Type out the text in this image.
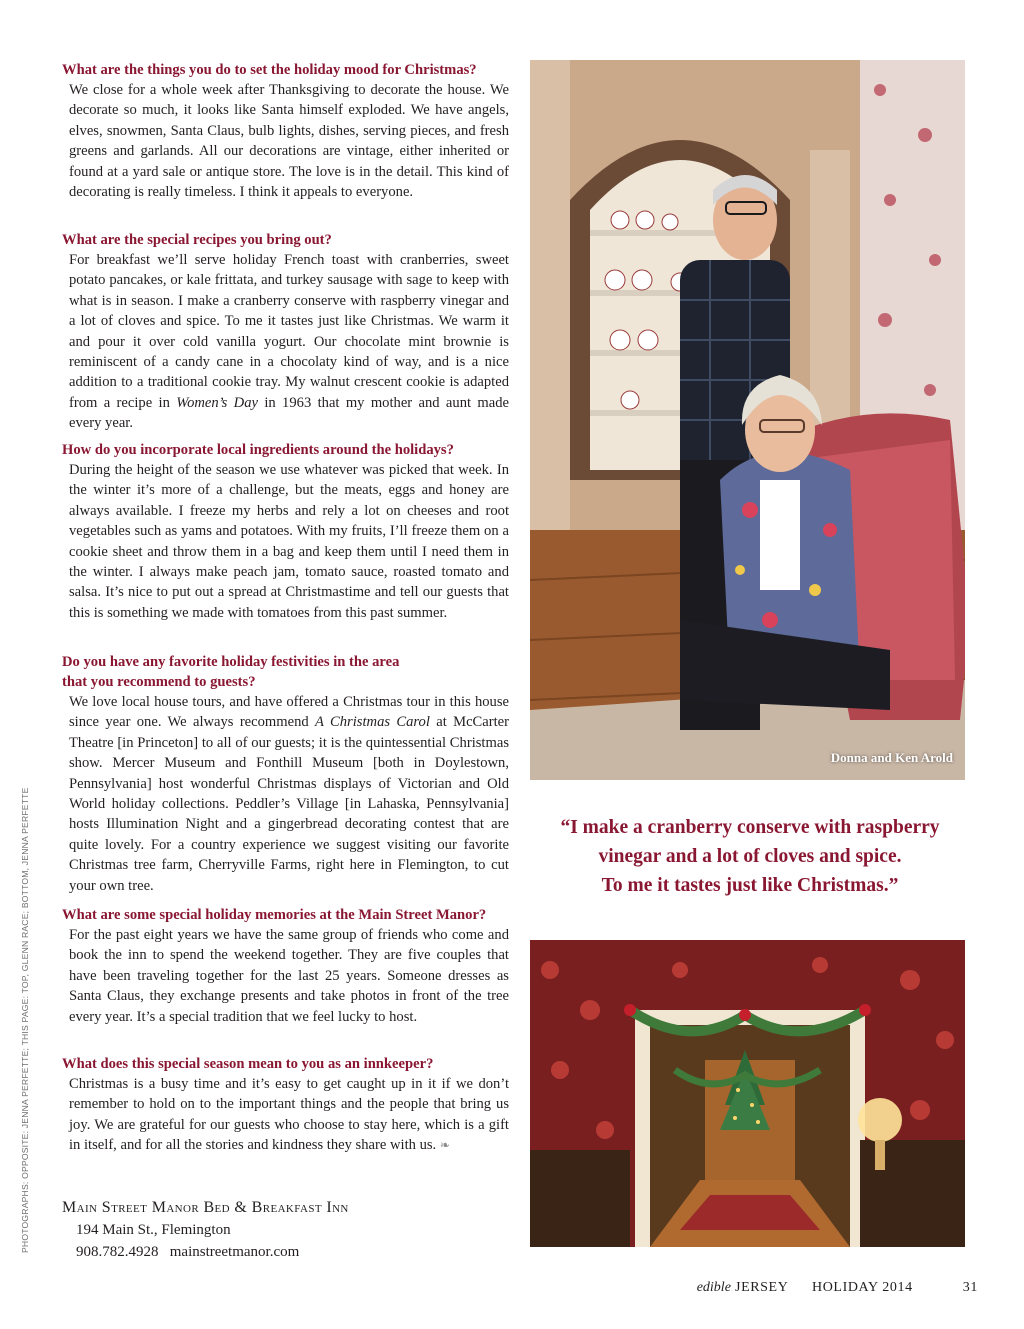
PHOTOGRAPHS: OPPOSITE: JENNA PERFETTE; THIS PAGE: TOP, GLENN RACE; BOTTOM, JENNA PERFETTE

What are the things you do to set the holiday mood for Christmas?

We close for a whole week after Thanksgiving to decorate the house. We decorate so much, it looks like Santa himself exploded. We have angels, elves, snowmen, Santa Claus, bulb lights, dishes, serving pieces, and fresh greens and garlands. All our decorations are vintage, either inherited or found at a yard sale or antique store. The love is in the detail. This kind of decorating is really timeless. I think it appeals to everyone.

What are the special recipes you bring out?

For breakfast we’ll serve holiday French toast with cranberries, sweet potato pancakes, or kale frittata, and turkey sausage with sage to keep with what is in season. I make a cranberry conserve with raspberry vinegar and a lot of cloves and spice. To me it tastes just like Christmas. We warm it and pour it over cold vanilla yogurt. Our chocolate mint brownie is reminiscent of a candy cane in a chocolaty kind of way, and is a nice addition to a traditional cookie tray. My walnut crescent cookie is adapted from a recipe in Women’s Day in 1963 that my mother and aunt made every year.

How do you incorporate local ingredients around the holidays?

During the height of the season we use whatever was picked that week. In the winter it’s more of a challenge, but the meats, eggs and honey are always available. I freeze my herbs and rely a lot on cheeses and root vegetables such as yams and potatoes. With my fruits, I’ll freeze them on a cookie sheet and throw them in a bag and keep them until I need them in the winter. I always make peach jam, tomato sauce, roasted tomato and salsa. It’s nice to put out a spread at Christmastime and tell our guests that this is something we made with tomatoes from this past summer.

Do you have any favorite holiday festivities in the area
that you recommend to guests?

We love local house tours, and have offered a Christmas tour in this house since year one. We always recommend A Christmas Carol at McCarter Theatre [in Princeton] to all of our guests; it is the quintessential Christmas show. Mercer Museum and Fonthill Museum [both in Doylestown, Pennsylvania] host wonderful Christmas displays of Victorian and Old World holiday collections. Peddler’s Village [in Lahaska, Pennsylvania] hosts Illumination Night and a gingerbread decorating contest that are quite lovely. For a country experience we suggest visiting our favorite Christmas tree farm, Cherryville Farms, right here in Flemington, to cut your own tree.

What are some special holiday memories at the Main Street Manor?

For the past eight years we have the same group of friends who come and book the inn to spend the weekend together. They are five couples that have been traveling together for the last 25 years. Someone dresses as Santa Claus, they exchange presents and take photos in front of the tree every year. It’s a special tradition that we feel lucky to host.

What does this special season mean to you as an innkeeper?

Christmas is a busy time and it’s easy to get caught up in it if we don’t remember to hold on to the important things and the people that bring us joy. We are grateful for our guests who choose to stay here, which is a gift in itself, and for all the stories and kindness they share with us. ❧

Main Street Manor Bed & Breakfast Inn
194 Main St., Flemington
908.782.4928 mainstreetmanor.com
Donna and Ken Arold
“I make a cranberry conserve with raspberry
vinegar and a lot of cloves and spice.
To me it tastes just like Christmas.”
edible JERSEY HOLIDAY 2014	31
